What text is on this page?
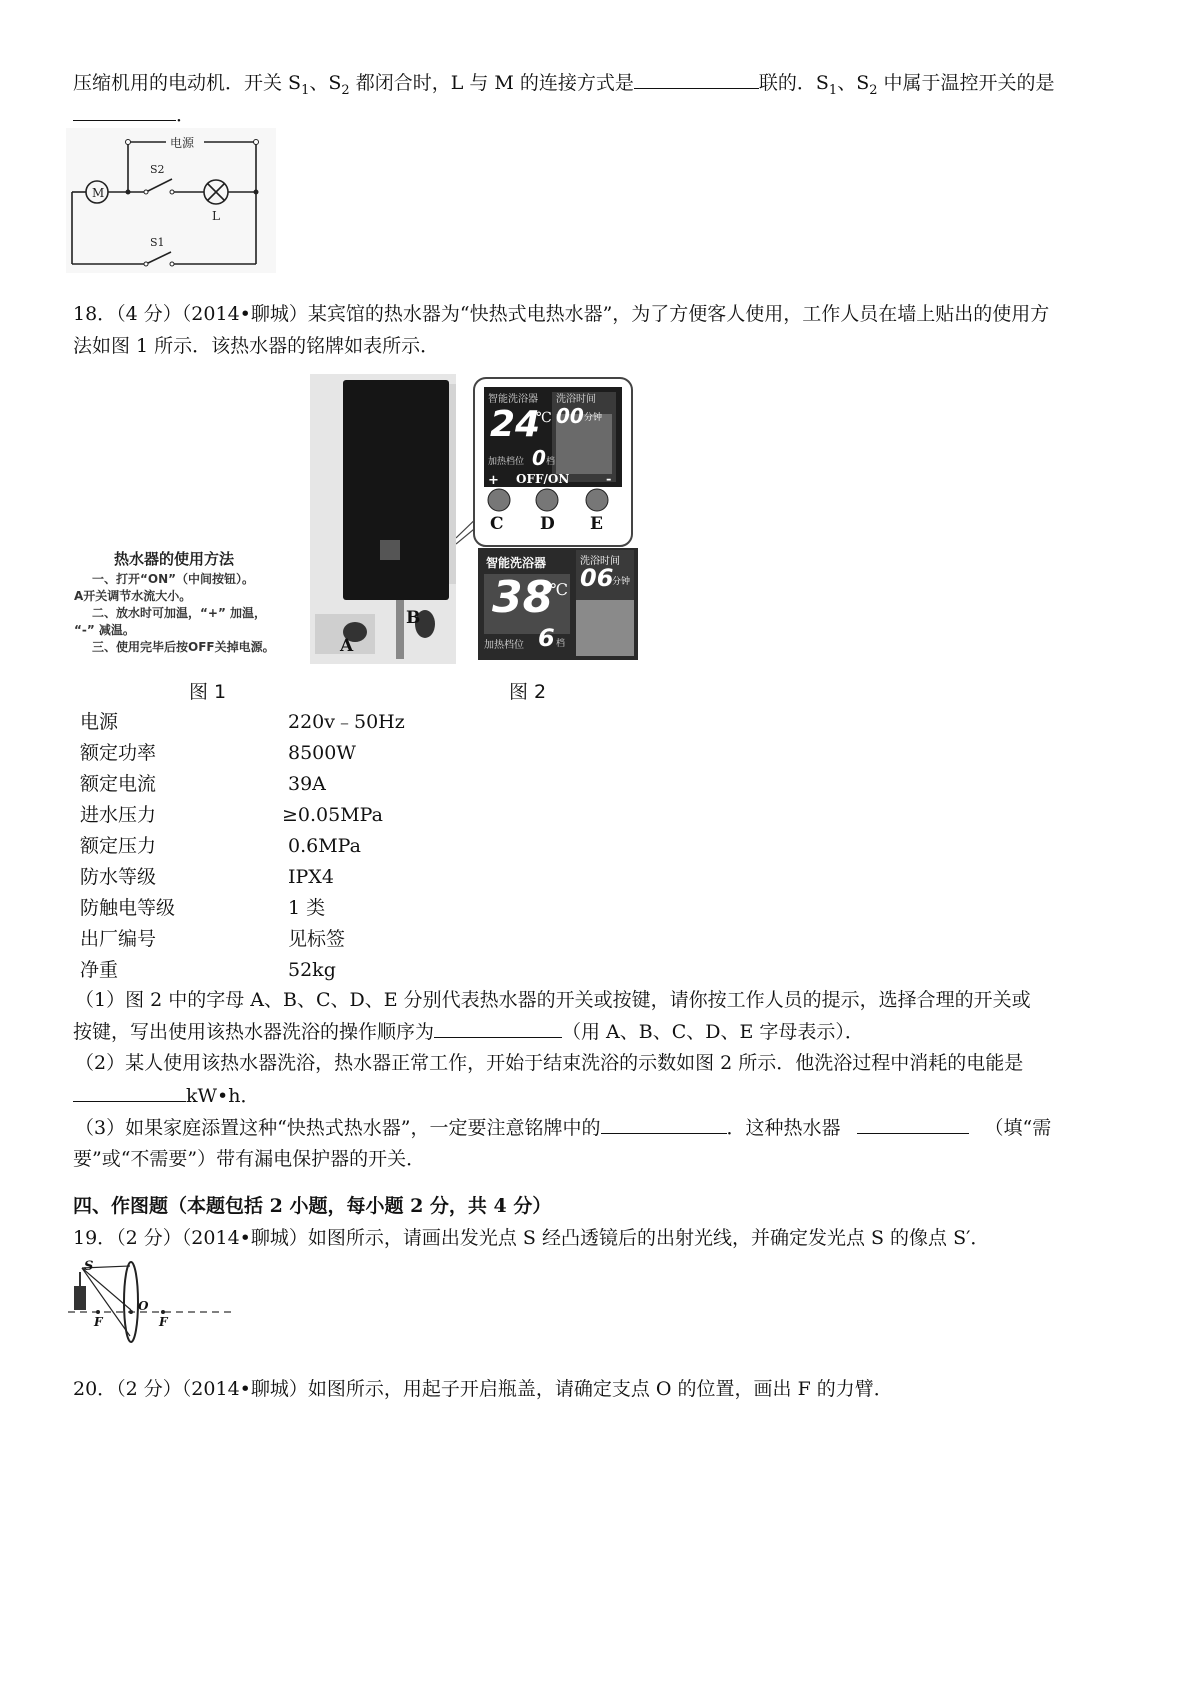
压缩机用的电动机．开关 $S_1$、$S_2$ 都闭合时，L 与 M 的连接方式是	联的．$S_1$、$S_2$ 中属于温控开关的是
．
电源
M
L
S2
S1
18．（4 分）（2014•聊城）某宾馆的热水器为“快热式电热水器”，为了方便客人使用，工作人员在墙上贴出的使用方
法如图 1 所示．该热水器的铭牌如表所示．
热水器的使用方法
一、打开“ON”（中间按钮）。
A开关调节水流大小。
二、放水时可加温，“+” 加温，
“-” 减温。
三、使用完毕后按OFF关掉电源。	A
B
图 1
智能洗浴器 洗浴时间
24
℃ 00 分钟
加热档位 0 档
+ OFF/ON	-
C D E
智能洗浴器	洗浴时间
38
℃ 06
分钟
加热档位 6 档
图 2
电源	220v﹣50Hz
额定功率	8500W
额定电流	39A
进水压力	≥0.05MPa
额定压力	0.6MPa
防水等级	IPX4
防触电等级	1 类
出厂编号	见标签
净重	52kg
（1）图 2 中的字母 A、B、C、D、E 分别代表热水器的开关或按键，请你按工作人员的提示，选择合理的开关或
按键，写出使用该热水器洗浴的操作顺序为	（用 A、B、C、D、E 字母表示）．
（2）某人使用该热水器洗浴，热水器正常工作，开始于结束洗浴的示数如图 2 所示．他洗浴过程中消耗的电能是
kW•h．
（3）如果家庭添置这种“快热式热水器”，一定要注意铭牌中的	．这种热水器	（填“需
要”或“不需要”）带有漏电保护器的开关．
四、作图题（本题包括 2 小题，每小题 2 分，共 4 分）
19．（2 分）（2014•聊城）如图所示，请画出发光点 S 经凸透镜后的出射光线，并确定发光点 S 的像点 S′．
S
O
F	F
20．（2 分）（2014•聊城）如图所示，用起子开启瓶盖，请确定支点 O 的位置，画出 F 的力臂．
